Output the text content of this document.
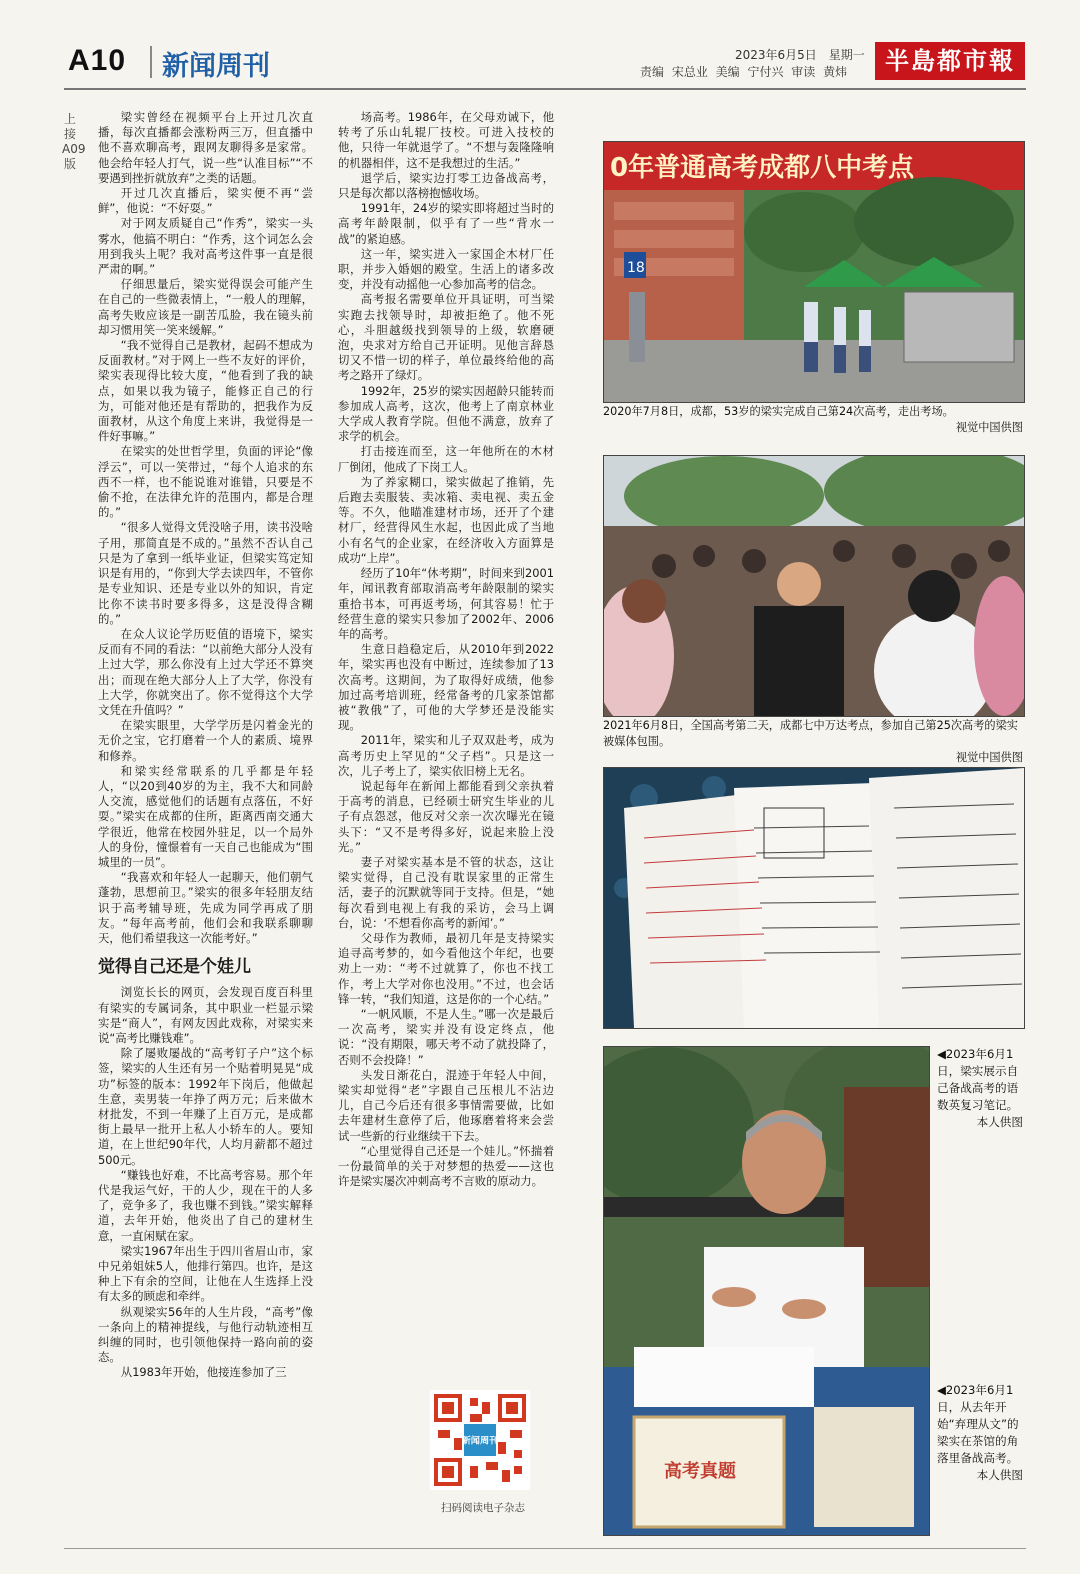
A10 新闻周刊	2023年6月5日　星期一
责编 宋总业 美编 宁付兴 审读 黄炜	半島都市報
上接A09版

梁实曾经在视频平台上开过几次直播，每次直播都会涨粉两三万，但直播中他不喜欢聊高考，跟网友聊得多是家常。他会给年轻人打气，说一些“认准目标”“不要遇到挫折就放弃”之类的话题。

开过几次直播后，梁实便不再“尝鲜”，他说：“不好耍。”

对于网友质疑自己“作秀”，梁实一头雾水，他搞不明白：“作秀，这个词怎么会用到我头上呢？我对高考这件事一直是很严肃的啊。”

仔细思量后，梁实觉得误会可能产生在自己的一些微表情上，“一般人的理解，高考失败应该是一副苦瓜脸，我在镜头前却习惯用笑一笑来缓解。”

“我不觉得自己是教材，起码不想成为反面教材。”对于网上一些不友好的评价，梁实表现得比较大度，“他看到了我的缺点，如果以我为镜子，能修正自己的行为，可能对他还是有帮助的，把我作为反面教材，从这个角度上来讲，我觉得是一件好事嘛。”

在梁实的处世哲学里，负面的评论“像浮云”，可以一笑带过，“每个人追求的东西不一样，也不能说谁对谁错，只要是不偷不抢，在法律允许的范围内，都是合理的。”

“很多人觉得文凭没啥子用，读书没啥子用，那简直是不成的。”虽然不否认自己只是为了拿到一纸毕业证，但梁实笃定知识是有用的，“你到大学去读四年，不管你是专业知识、还是专业以外的知识，肯定比你不读书时要多得多，这是没得含糊的。”

在众人议论学历贬值的语境下，梁实反而有不同的看法：“以前绝大部分人没有上过大学，那么你没有上过大学还不算突出；而现在绝大部分人上了大学，你没有上大学，你就突出了。你不觉得这个大学文凭在升值吗？”

在梁实眼里，大学学历是闪着金光的无价之宝，它打磨着一个人的素质、境界和修养。

和梁实经常联系的几乎都是年轻人，“以20到40岁的为主，我不大和同龄人交流，感觉他们的话题有点落伍，不好耍。”梁实在成都的住所，距离西南交通大学很近，他常在校园外驻足，以一个局外人的身份，憧憬着有一天自己也能成为“围城里的一员”。

“我喜欢和年轻人一起聊天，他们朝气蓬勃，思想前卫。”梁实的很多年轻朋友结识于高考辅导班，先成为同学再成了朋友。“每年高考前，他们会和我联系聊聊天，他们希望我这一次能考好。”

觉得自己还是个娃儿

浏览长长的网页，会发现百度百科里有梁实的专属词条，其中职业一栏显示梁实是“商人”，有网友因此戏称，对梁实来说“高考比赚钱难”。

除了屡败屡战的“高考钉子户”这个标签，梁实的人生还有另一个贴着明晃晃“成功”标签的版本：1992年下岗后，他做起生意，卖男装一年挣了两万元；后来做木材批发，不到一年赚了上百万元，是成都街上最早一批开上私人小轿车的人。要知道，在上世纪90年代，人均月薪都不超过500元。

“赚钱也好难，不比高考容易。那个年代是我运气好，干的人少，现在干的人多了，竞争多了，我也赚不到钱。”梁实解释道，去年开始，他炎出了自己的建材生意，一直闲赋在家。

梁实1967年出生于四川省眉山市，家中兄弟姐妹5人，他排行第四。也许，是这种上下有余的空间，让他在人生选择上没有太多的顾虑和牵绊。

纵观梁实56年的人生片段，“高考”像一条向上的精神提线，与他行动轨迹相互纠缠的同时，也引领他保持一路向前的姿态。

从1983年开始，他接连参加了三

场高考。1986年，在父母劝诫下，他转考了乐山轧辊厂技校。可进入技校的他，只待一年就退学了。“不想与轰隆隆响的机器相伴，这不是我想过的生活。”

退学后，梁实边打零工边备战高考，只是每次都以落榜抱憾收场。

1991年，24岁的梁实即将超过当时的高考年龄限制，似乎有了一些“背水一战”的紧迫感。

这一年，梁实进入一家国企木材厂任职，并步入婚姻的殿堂。生活上的诸多改变，并没有动摇他一心参加高考的信念。

高考报名需要单位开具证明，可当梁实跑去找领导时，却被拒绝了。他不死心，斗胆越级找到领导的上级，软磨硬泡，央求对方给自己开证明。见他言辞恳切又不惜一切的样子，单位最终给他的高考之路开了绿灯。

1992年，25岁的梁实因超龄只能转而参加成人高考，这次，他考上了南京林业大学成人教育学院。但他不满意，放弃了求学的机会。

打击接连而至，这一年他所在的木材厂倒闭，他成了下岗工人。

为了养家糊口，梁实做起了推销，先后跑去卖服装、卖冰箱、卖电视、卖五金等。不久，他瞄准建材市场，还开了个建材厂，经营得风生水起，也因此成了当地小有名气的企业家，在经济收入方面算是成功“上岸”。

经历了10年“休考期”，时间来到2001年，闻讯教育部取消高考年龄限制的梁实重拾书本，可再返考场，何其容易！忙于经营生意的梁实只参加了2002年、2006年的高考。

生意日趋稳定后，从2010年到2022年，梁实再也没有中断过，连续参加了13次高考。这期间，为了取得好成绩，他参加过高考培训班，经常备考的几家茶馆都被“教俄”了，可他的大学梦还是没能实现。

2011年，梁实和儿子双双赴考，成为高考历史上罕见的“父子档”。只是这一次，儿子考上了，梁实依旧榜上无名。

说起每年在新闻上都能看到父亲执着于高考的消息，已经硕士研究生毕业的儿子有点怨怼，他反对父亲一次次曝光在镜头下：“又不是考得多好，说起来脸上没光。”

妻子对梁实基本是不管的状态，这让梁实觉得，自己没有耽误家里的正常生活，妻子的沉默就等同于支持。但是，“她每次看到电视上有我的采访，会马上调台，说：‘不想看你高考的新闻’。”

父母作为教师，最初几年是支持梁实追寻高考梦的，如今看他这个年纪，也要劝上一劝：“考不过就算了，你也不找工作，考上大学对你也没用。”不过，也会话锋一转，“我们知道，这是你的一个心结。”

“一帆风顺，不是人生。”哪一次是最后一次高考，梁实并没有设定终点，他说：“没有期限，哪天考不动了就投降了，否则不会投降！”

头发日渐花白，混迹于年轻人中间，梁实却觉得“老”字跟自己压根儿不沾边儿，自己今后还有很多事情需要做，比如去年建材生意停了后，他琢磨着将来会尝试一些新的行业继续干下去。

“心里觉得自己还是一个娃儿。”怀揣着一份最简单的关于对梦想的热爱——这也许是梁实屡次冲刺高考不言败的原动力。

0年普通高考成都八中考点
18
2020年7月8日，成都，53岁的梁实完成自己第24次高考，走出考场。
视觉中国供图
2021年6月8日，全国高考第二天，成都七中万达考点，参加自己第25次高考的梁实被媒体包围。
视觉中国供图
高考真题
◀2023年6月1日，梁实展示自己备战高考的语数英复习笔记。
本人供图
◀2023年6月1日，从去年开始“弃理从文”的梁实在茶馆的角落里备战高考。
本人供图
新闻周刊
扫码阅读电子杂志
